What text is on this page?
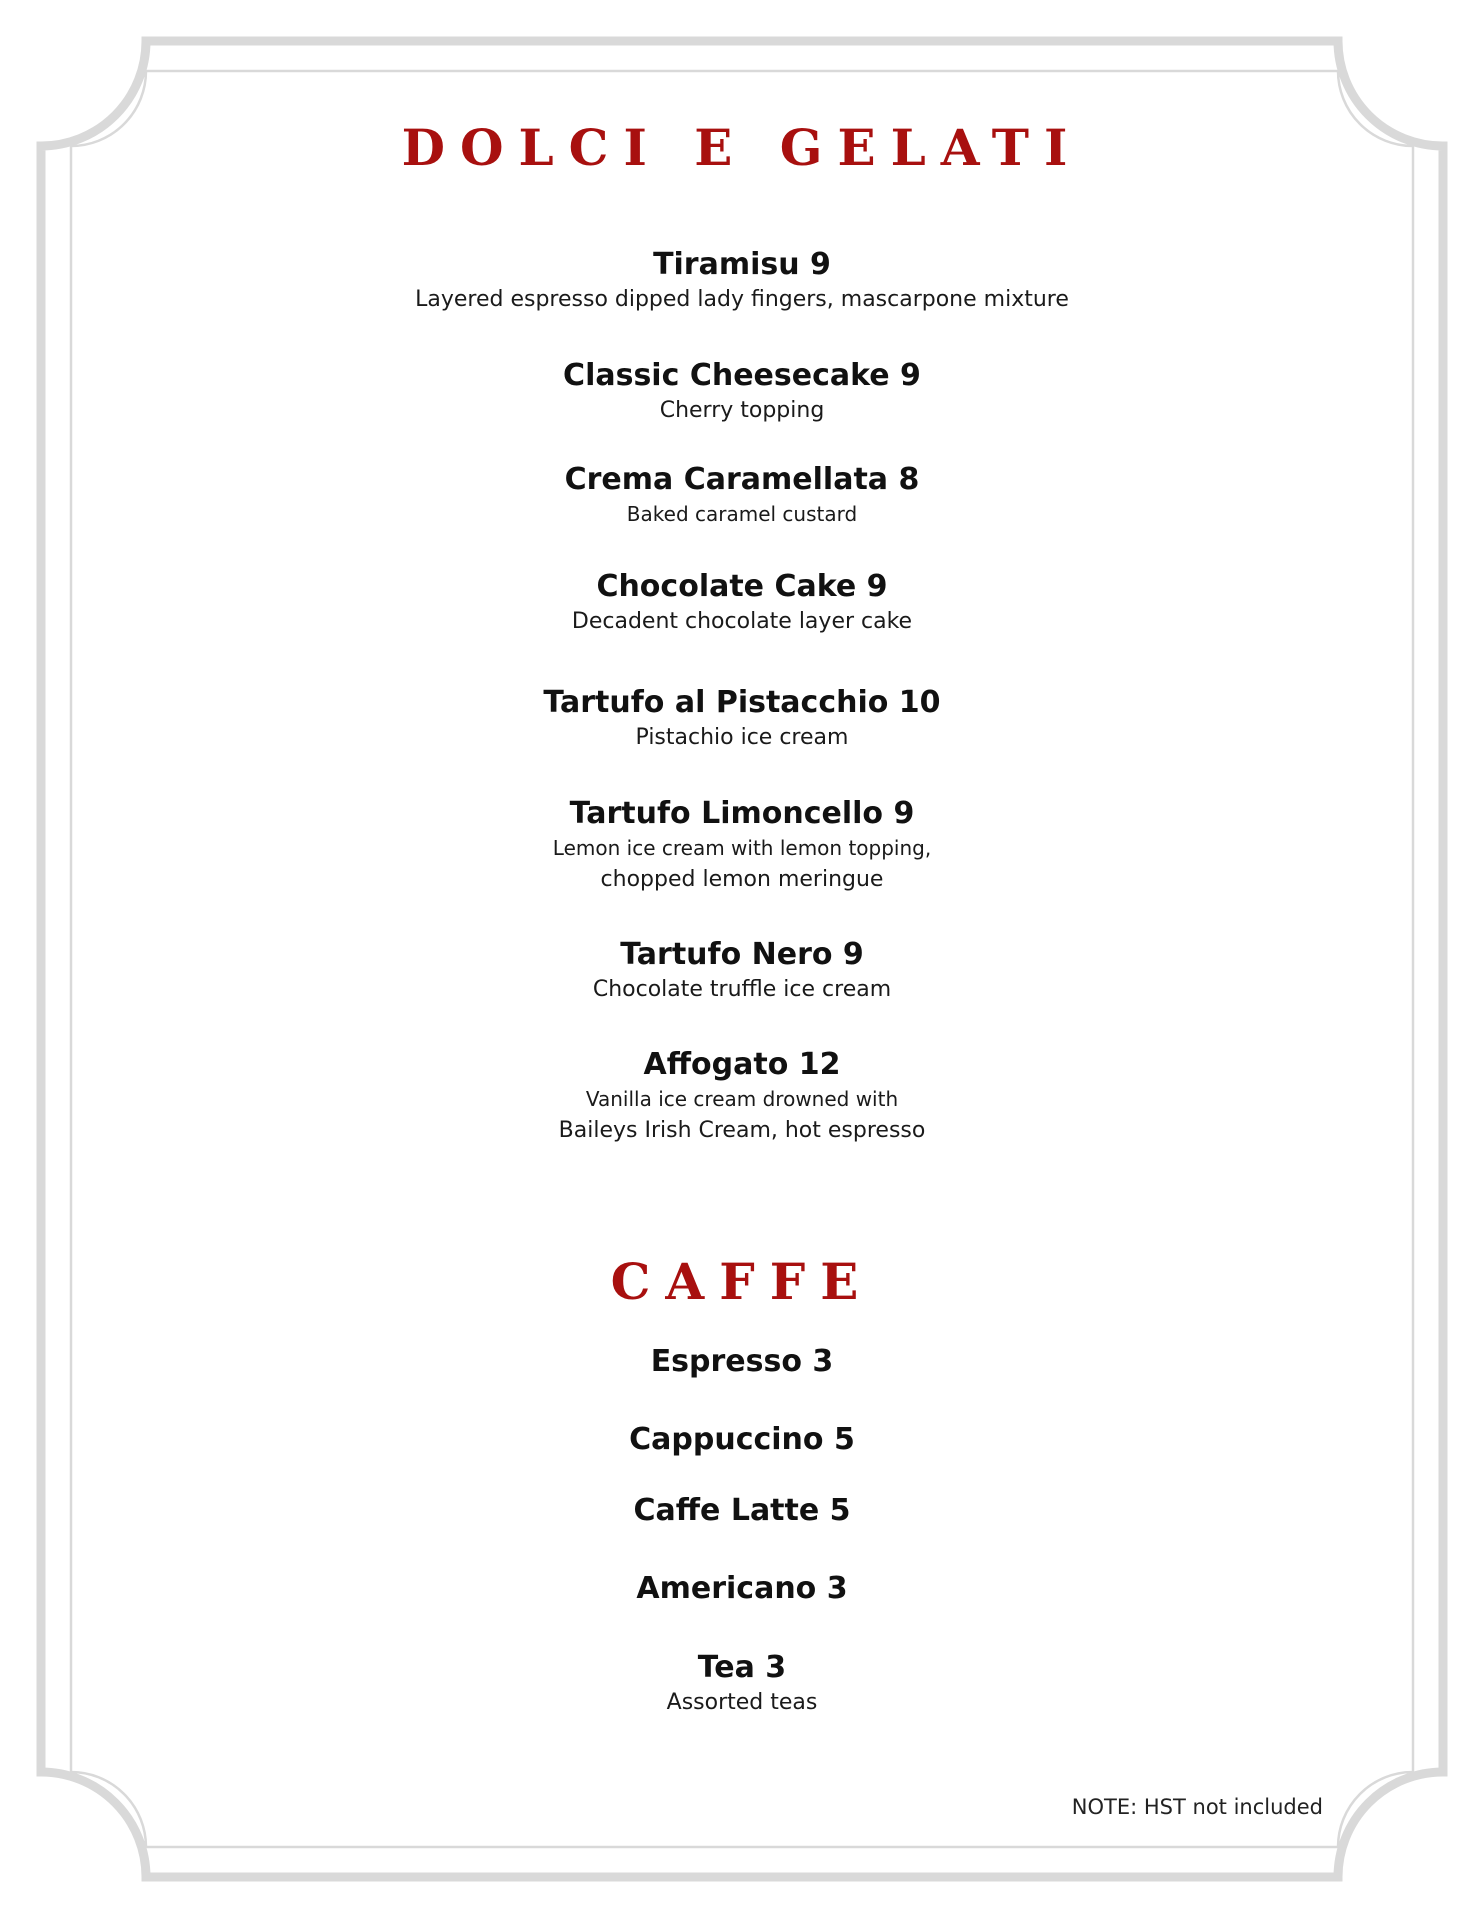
DOLCI E GELATI
Tiramisu 9
Layered espresso dipped lady fingers, mascarpone mixture
Classic Cheesecake 9
Cherry topping
Crema Caramellata 8
Baked caramel custard
Chocolate Cake 9
Decadent chocolate layer cake
Tartufo al Pistacchio 10
Pistachio ice cream
Tartufo Limoncello 9
Lemon ice cream with lemon topping,
chopped lemon meringue
Tartufo Nero 9
Chocolate truffle ice cream
Affogato 12
Vanilla ice cream drowned with
Baileys Irish Cream, hot espresso
CAFFE
Espresso 3
Cappuccino 5
Caffe Latte 5
Americano 3
Tea 3
Assorted teas
NOTE: HST not included
